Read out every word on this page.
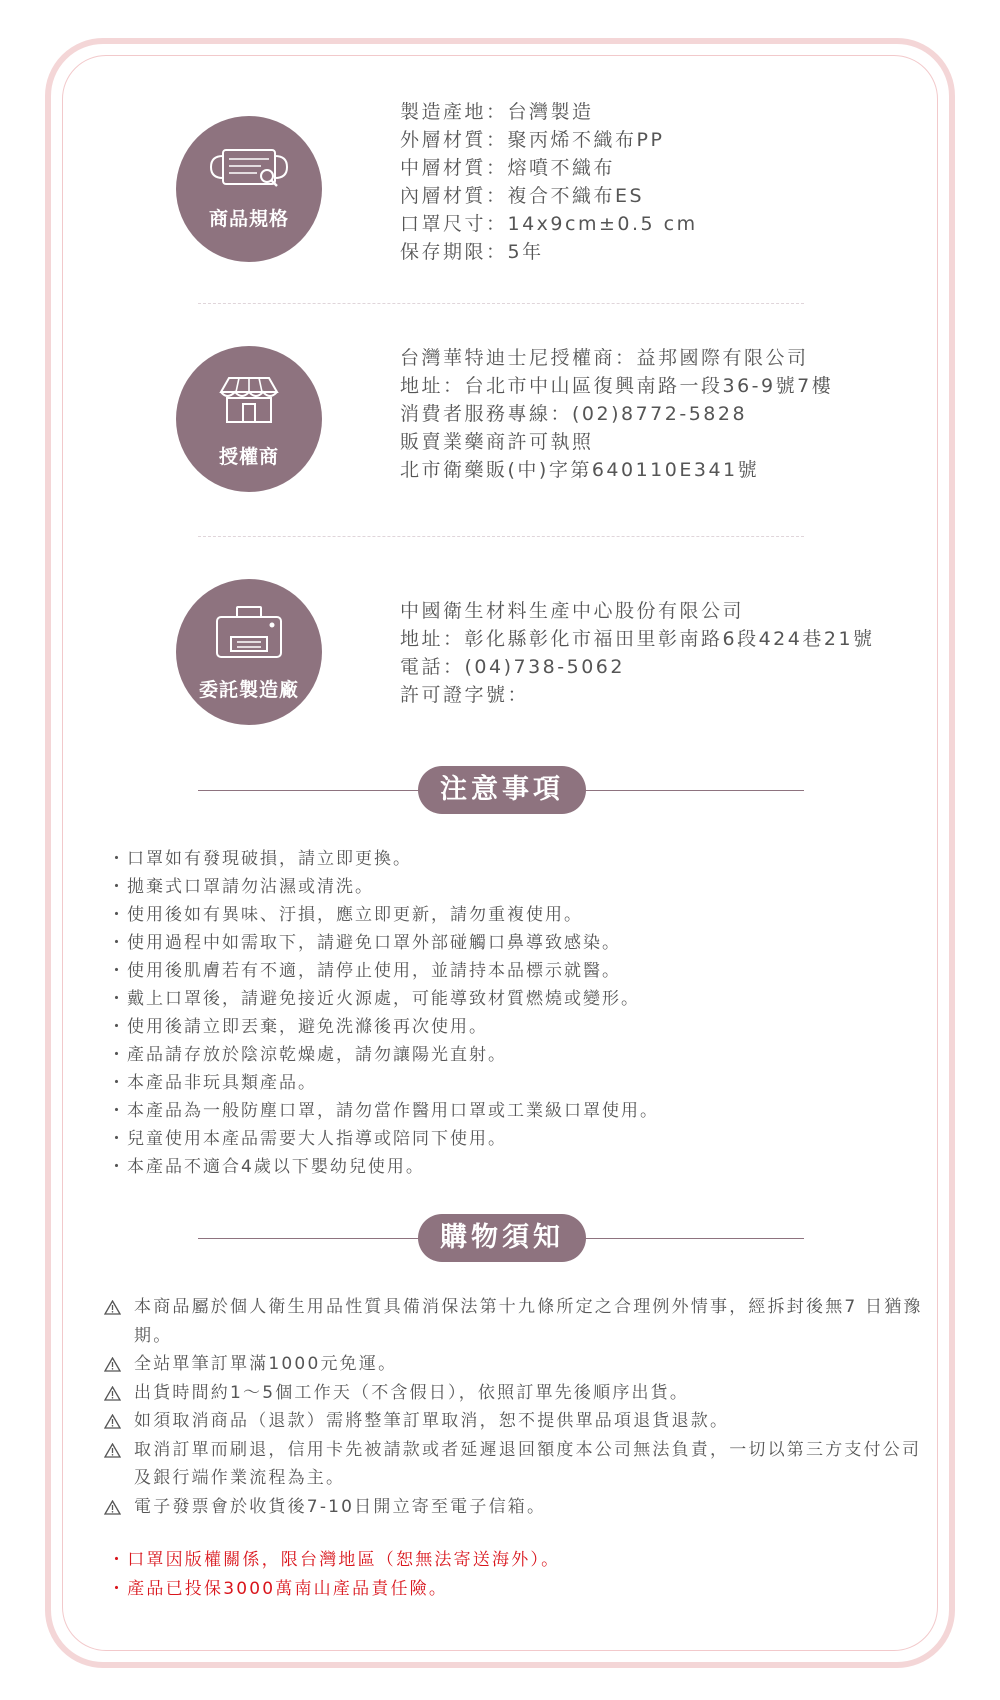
商品規格
製造產地：台灣製造
外層材質：聚丙烯不織布PP
中層材質：熔噴不織布
內層材質：複合不織布ES
口罩尺寸：14x9cm±0.5 cm
保存期限：5年
授權商
台灣華特迪士尼授權商：益邦國際有限公司
地址：台北市中山區復興南路一段36-9號7樓
消費者服務專線：(02)8772-5828
販賣業藥商許可執照
北市衛藥販(中)字第640110E341號
委託製造廠
中國衛生材料生產中心股份有限公司
地址：彰化縣彰化市福田里彰南路6段424巷21號
電話：(04)738-5062
許可證字號：
注意事項
・口罩如有發現破損，請立即更換。
・拋棄式口罩請勿沾濕或清洗。
・使用後如有異味、汙損，應立即更新，請勿重複使用。
・使用過程中如需取下，請避免口罩外部碰觸口鼻導致感染。
・使用後肌膚若有不適，請停止使用，並請持本品標示就醫。
・戴上口罩後，請避免接近火源處，可能導致材質燃燒或變形。
・使用後請立即丟棄，避免洗滌後再次使用。
・產品請存放於陰涼乾燥處，請勿讓陽光直射。
・本產品非玩具類產品。
・本產品為一般防塵口罩，請勿當作醫用口罩或工業級口罩使用。
・兒童使用本產品需要大人指導或陪同下使用。
・本產品不適合4歲以下嬰幼兒使用。
購物須知
本商品屬於個人衛生用品性質具備消保法第十九條所定之合理例外情事，經拆封後無7 日猶豫期。
全站單筆訂單滿1000元免運。
出貨時間約1～5個工作天（不含假日），依照訂單先後順序出貨。
如須取消商品（退款）需將整筆訂單取消，恕不提供單品項退貨退款。
取消訂單而刷退，信用卡先被請款或者延遲退回額度本公司無法負責，一切以第三方支付公司及銀行端作業流程為主。
電子發票會於收貨後7-10日開立寄至電子信箱。
・口罩因版權關係，限台灣地區（恕無法寄送海外）。
・產品已投保3000萬南山產品責任險。
